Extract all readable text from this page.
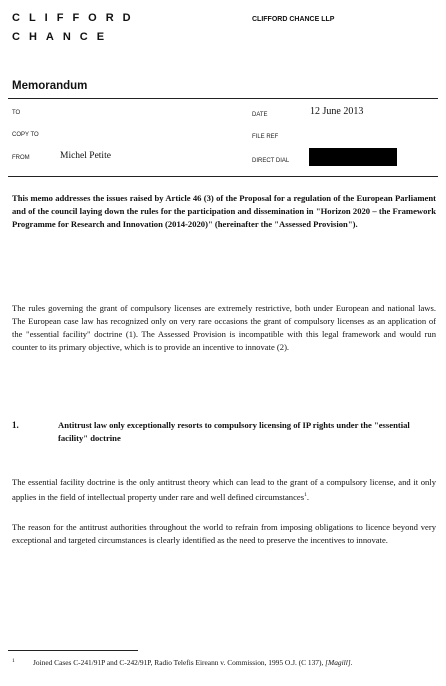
CLIFFORD
CHANCE
CLIFFORD CHANCE LLP
Memorandum
TO
COPY TO
FROM	Michel Petite
DATE	12 June 2013
FILE REF
DIRECT DIAL

This memo addresses the issues raised by Article 46 (3) of the Proposal for a regulation of the European Parliament and of the council laying down the rules for the participation and dissemination in "Horizon 2020 – the Framework Programme for Research and Innovation (2014-2020)" (hereinafter the "Assessed Provision").

The rules governing the grant of compulsory licenses are extremely restrictive, both under European and national laws. The European case law has recognized only on very rare occasions the grant of compulsory licenses as an application of the "essential facility" doctrine (1). The Assessed Provision is incompatible with this legal framework and would run counter to its primary objective, which is to provide an incentive to innovate (2).

1.	Antitrust law only exceptionally resorts to compulsory licensing of IP rights under the "essential facility" doctrine

The essential facility doctrine is the only antitrust theory which can lead to the grant of a compulsory license, and it only applies in the field of intellectual property under rare and well defined circumstances$^1$.

The reason for the antitrust authorities throughout the world to refrain from imposing obligations to licence beyond very exceptional and targeted circumstances is clearly identified as the need to preserve the incentives to innovate.

1 Joined Cases C-241/91P and C-242/91P, Radio Telefis Eireann v. Commission, 1995 O.J. (C 137), [Magill].
